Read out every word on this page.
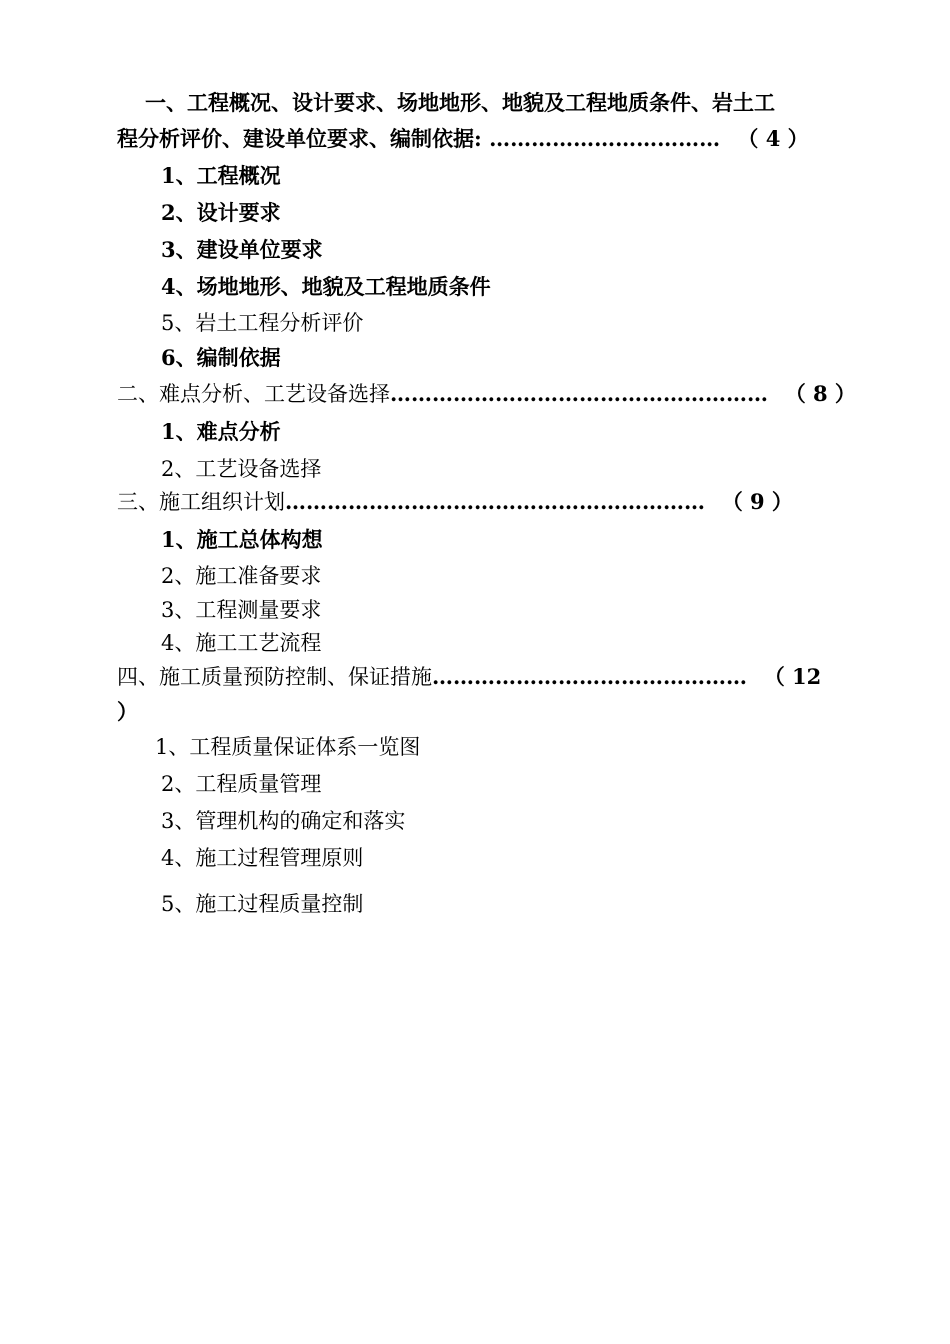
一、工程概况、设计要求、场地地形、地貌及工程地质条件、岩土工
程分析评价、建设单位要求、编制依据: …………………………… （ 4 ）
1、工程概况
2、设计要求
3、建设单位要求
4、场地地形、地貌及工程地质条件
5、岩土工程分析评价
6、编制依据
二、难点分析、工艺设备选择……………………………………………… （ 8 ）
1、难点分析
2、工艺设备选择
三、施工组织计划…………………………………………………… （ 9 ）
1、施工总体构想
2、施工准备要求
3、工程测量要求
4、施工工艺流程
四、施工质量预防控制、保证措施……………………………………… （ 12
）
1、工程质量保证体系一览图
2、工程质量管理
3、管理机构的确定和落实
4、施工过程管理原则
5、施工过程质量控制
